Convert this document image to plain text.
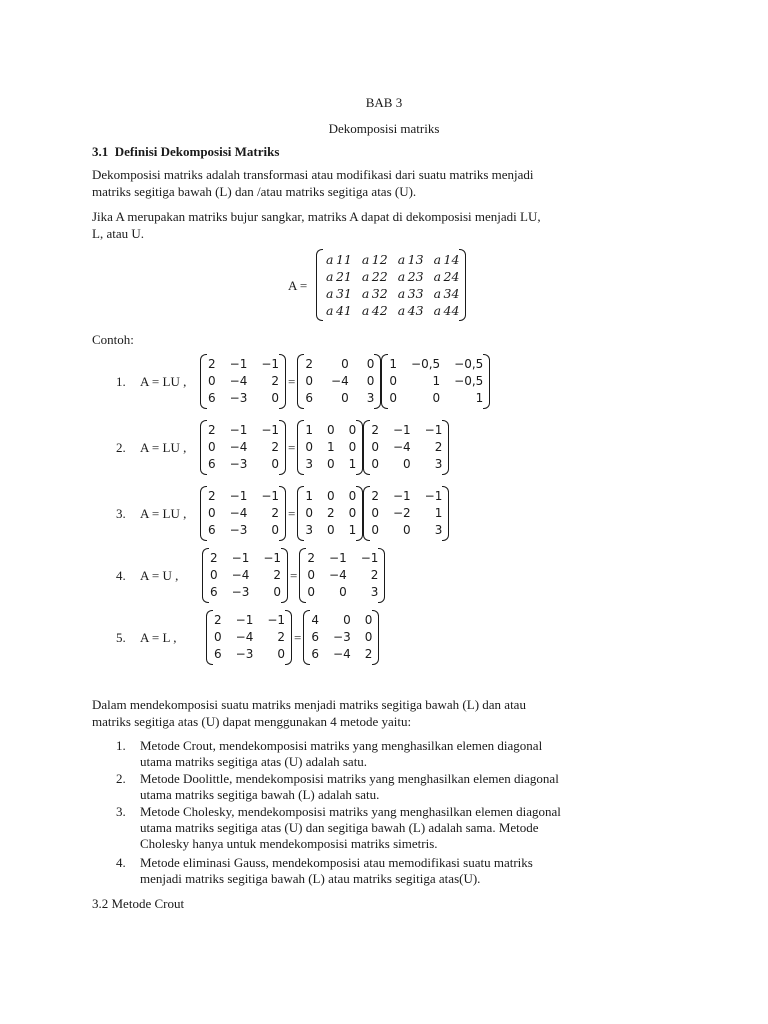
BAB 3
Dekomposisi matriks
3.1 Definisi Dekomposisi Matriks
Dekomposisi matriks adalah transformasi atau modifikasi dari suatu matriks menjadi
matriks segitiga bawah (L) dan /atau matriks segitiga atas (U).
Jika A merupakan matriks bujur sangkar, matriks A dapat di dekomposisi menjadi LU,
L, atau U.
A =
a 11	a 12	a 13	a 14
a 21	a 22	a 23	a 24
a 31	a 32	a 33	a 34
a 41	a 42	a 43	a 44
Contoh:
1. A = LU ,
2	−1	−1
0	−4	2
6	−3	0
=
2	0	0
0	−4	0
6	0	3
1	−0,5	−0,5
0	1	−0,5
0	0	1
2. A = LU ,
2	−1	−1
0	−4	2
6	−3	0
=
1	0	0
0	1	0
3	0	1
2	−1	−1
0	−4	2
0	0	3
3. A = LU ,
2	−1	−1
0	−4	2
6	−3	0
=
1	0	0
0	2	0
3	0	1
2	−1	−1
0	−2	1
0	0	3
4. A = U ,
2	−1	−1
0	−4	2
6	−3	0
=
2	−1	−1
0	−4	2
0	0	3
5. A = L ,
2	−1	−1
0	−4	2
6	−3	0
=
4	0	0
6	−3	0
6	−4	2
Dalam mendekomposisi suatu matriks menjadi matriks segitiga bawah (L) dan atau
matriks segitiga atas (U) dapat menggunakan 4 metode yaitu:
1. Metode Crout, mendekomposisi matriks yang menghasilkan elemen diagonal
utama matriks segitiga atas (U) adalah satu.
2. Metode Doolittle, mendekomposisi matriks yang menghasilkan elemen diagonal
utama matriks segitiga bawah (L) adalah satu.
3. Metode Cholesky, mendekomposisi matriks yang menghasilkan elemen diagonal
utama matriks segitiga atas (U) dan segitiga bawah (L) adalah sama. Metode
Cholesky hanya untuk mendekomposisi matriks simetris.
4. Metode eliminasi Gauss, mendekomposisi atau memodifikasi suatu matriks
menjadi matriks segitiga bawah (L) atau matriks segitiga atas(U).
3.2 Metode Crout
